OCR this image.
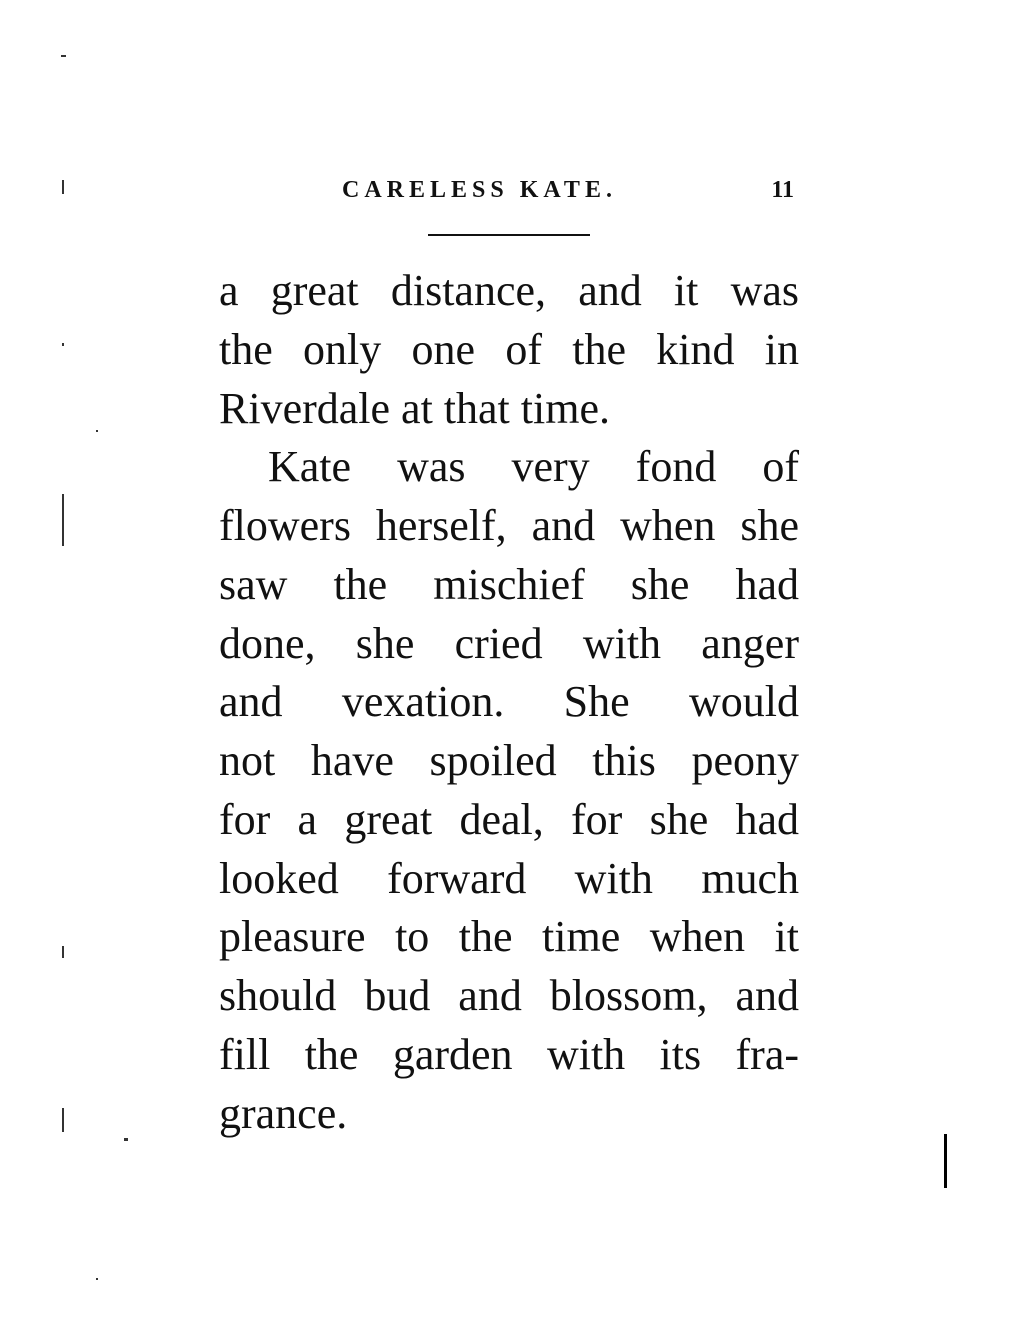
CARELESS KATE.	11
a great distance, and it was
the only one of the kind in
Riverdale at that time.
Kate was very fond of
flowers herself, and when she
saw the mischief she had
done, she cried with anger
and vexation. She would
not have spoiled this peony
for a great deal, for she had
looked forward with much
pleasure to the time when it
should bud and blossom, and
fill the garden with its fra-
grance.
